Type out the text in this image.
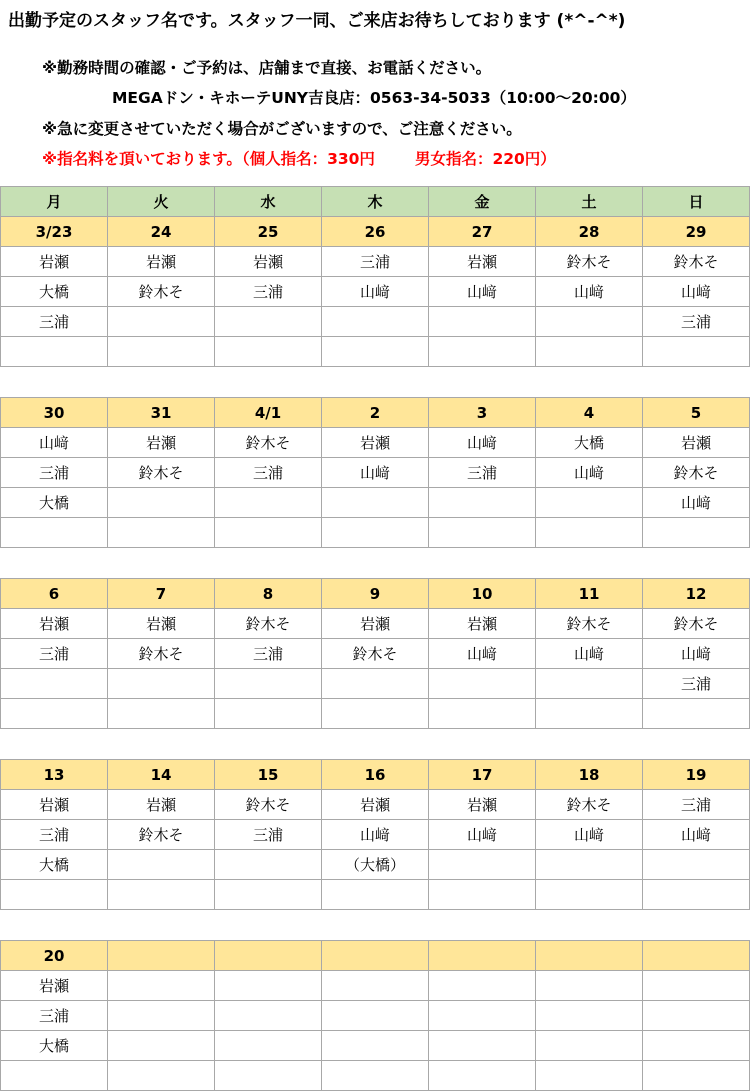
出勤予定のスタッフ名です。スタッフ一同、ご来店お待ちしております (*^-^*)
※勤務時間の確認・ご予約は、店舗まで直接、お電話ください。
MEGAドン・キホーテUNY吉良店：0563-34-5033（10:00～20:00）
※急に変更させていただく場合がございますので、ご注意ください。
※指名料を頂いております。（個人指名：330円	男女指名：220円）
月	火	水	木	金	土	日
3/23	24	25	26	27	28	29
岩瀬	岩瀬	岩瀬	三浦	岩瀬	鈴木そ	鈴木そ
大橋	鈴木そ	三浦	山﨑	山﨑	山﨑	山﨑
三浦						三浦

30	31	4/1	2	3	4	5
山﨑	岩瀬	鈴木そ	岩瀬	山﨑	大橋	岩瀬
三浦	鈴木そ	三浦	山﨑	三浦	山﨑	鈴木そ
大橋						山﨑

6	7	8	9	10	11	12
岩瀬	岩瀬	鈴木そ	岩瀬	岩瀬	鈴木そ	鈴木そ
三浦	鈴木そ	三浦	鈴木そ	山﨑	山﨑	山﨑
						三浦

13	14	15	16	17	18	19
岩瀬	岩瀬	鈴木そ	岩瀬	岩瀬	鈴木そ	三浦
三浦	鈴木そ	三浦	山﨑	山﨑	山﨑	山﨑
大橋			（大橋）			

20						
岩瀬						
三浦						
大橋						
